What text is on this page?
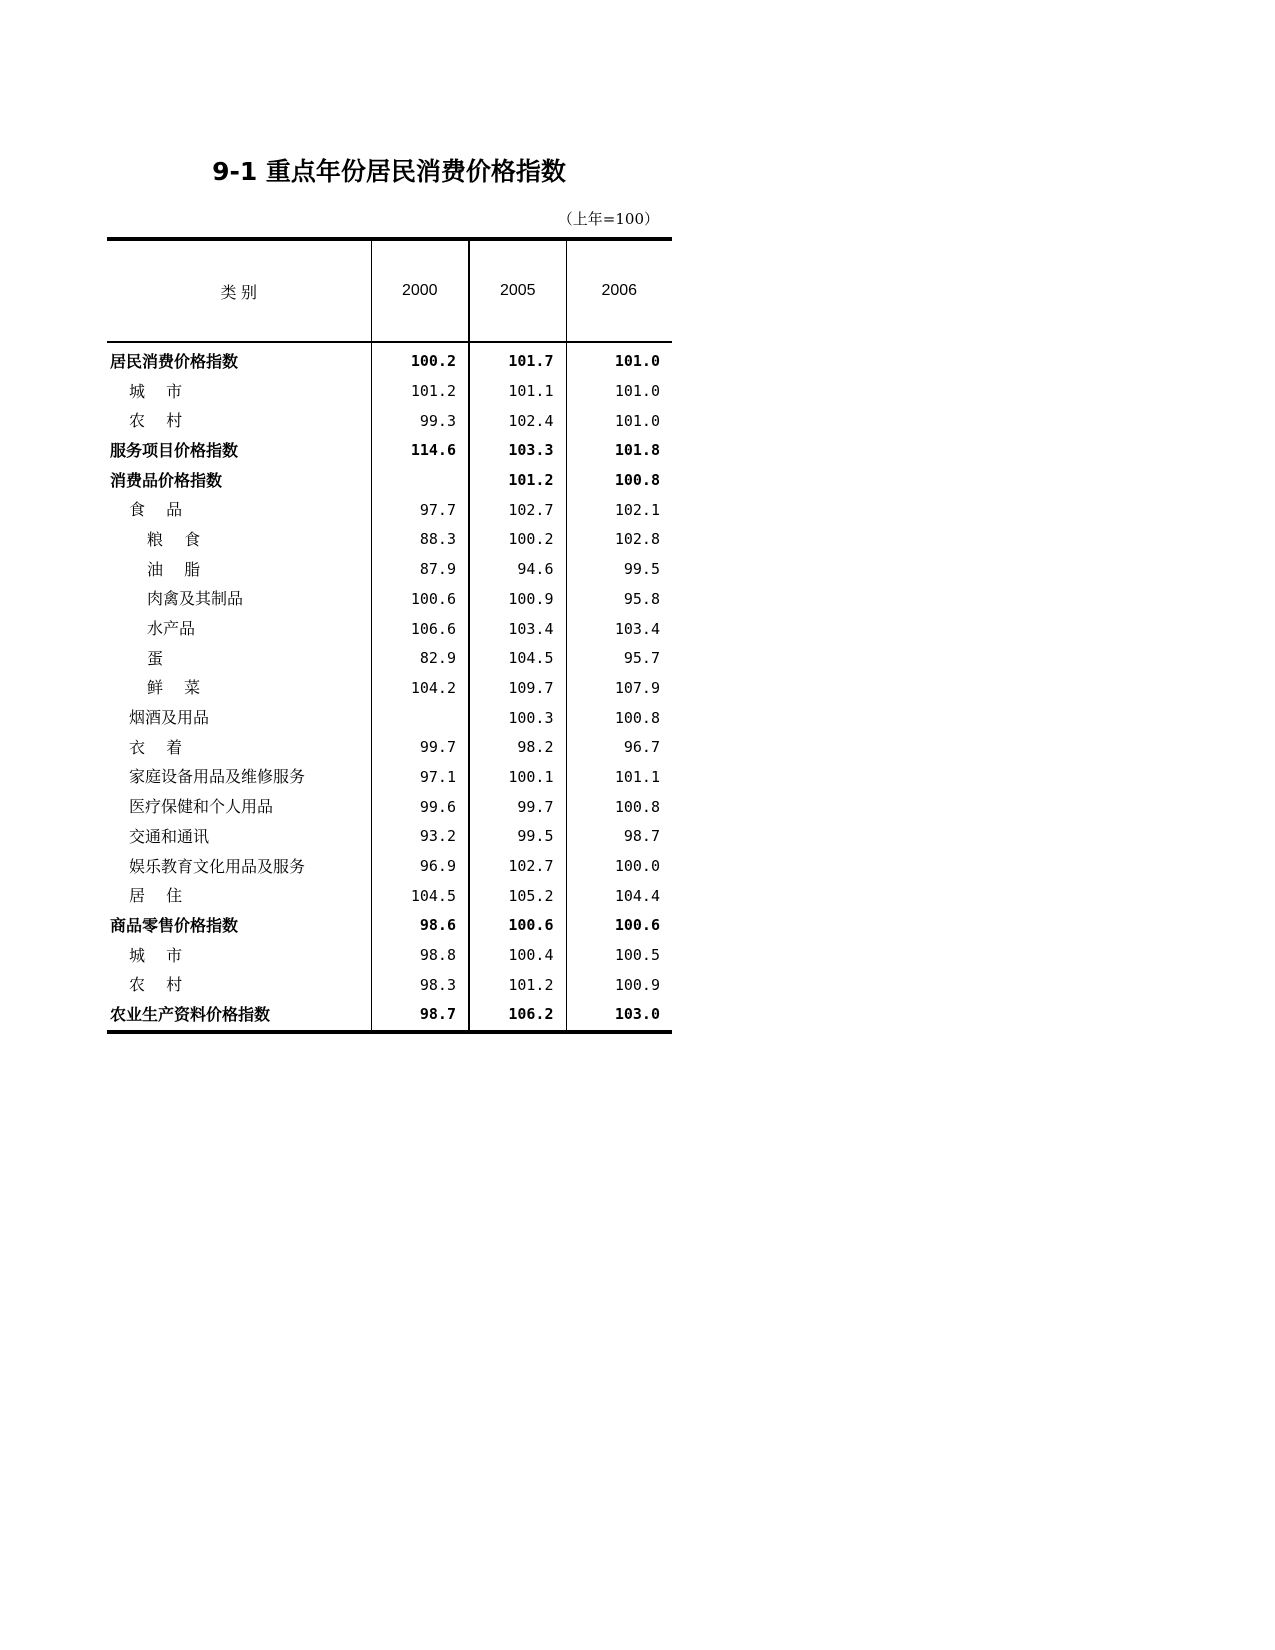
9-1 重点年份居民消费价格指数
（上年=100）
类 别	2000	2005	2006
居民消费价格指数	100.2	101.7	101.0
城　 市	101.2	101.1	101.0
农　 村	99.3	102.4	101.0
服务项目价格指数	114.6	103.3	101.8
消费品价格指数		101.2	100.8
食　 品	97.7	102.7	102.1
粮　 食	88.3	100.2	102.8
油　 脂	87.9	94.6	99.5
肉禽及其制品	100.6	100.9	95.8
水产品	106.6	103.4	103.4
蛋	82.9	104.5	95.7
鲜　 菜	104.2	109.7	107.9
烟酒及用品		100.3	100.8
衣　 着	99.7	98.2	96.7
家庭设备用品及维修服务	97.1	100.1	101.1
医疗保健和个人用品	99.6	99.7	100.8
交通和通讯	93.2	99.5	98.7
娱乐教育文化用品及服务	96.9	102.7	100.0
居　 住	104.5	105.2	104.4
商品零售价格指数	98.6	100.6	100.6
城　 市	98.8	100.4	100.5
农　 村	98.3	101.2	100.9
农业生产资料价格指数	98.7	106.2	103.0
